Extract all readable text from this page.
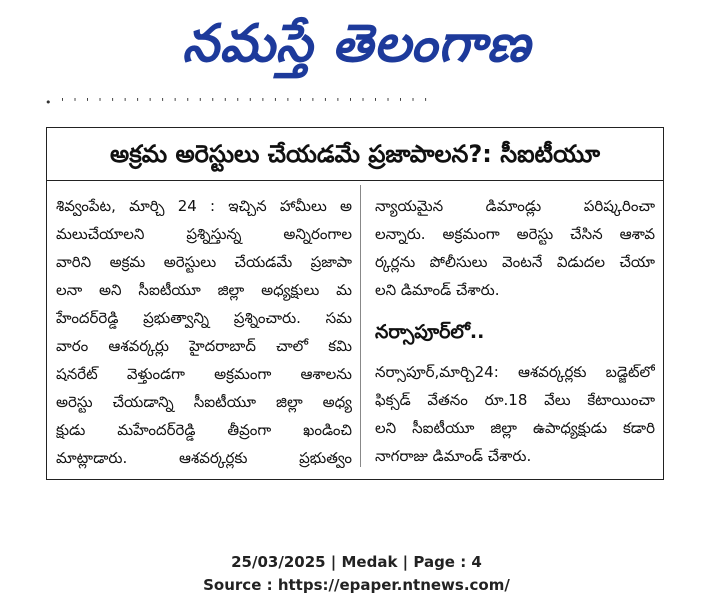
నమస్తే తెలంగాణ
• ' ' ' ' ' ' ' ' ' ' ' ' ' ' ' ' ' ' ' ' ' ' ' ' ' ' ' ' ' '
అక్రమ అరెస్టులు చేయడమే ప్రజాపాలన?: సీఐటీయూ
శివ్వంపేట, మార్చి 24 : ఇచ్చిన హామీలు అ
మలుచేయాలని ప్రశ్నిస్తున్న అన్నిరంగాల
వారిని అక్రమ అరెస్టులు చేయడమే ప్రజాపా
లనా అని సీఐటీయూ జిల్లా అధ్యక్షులు మ
హేందర్‌రెడ్డి ప్రభుత్వాన్ని ప్రశ్నించారు. సమ
వారం ఆశవర్కర్లు హైదరాబాద్ చాలో కమి
షనరేట్ వెళ్తుండగా అక్రమంగా ఆశాలను
అరెస్టు చేయడాన్ని సీఐటీయూ జిల్లా అధ్య
క్షుడు మహేందర్‌రెడ్డి తీవ్రంగా ఖండించి
మాట్లాడారు. ఆశవర్కర్లకు ప్రభుత్వం
న్యాయమైన డిమాండ్లు పరిష్కరించా
లన్నారు. అక్రమంగా అరెస్టు చేసిన ఆశావ
ర్కర్లను పోలీసులు వెంటనే విడుదల చేయా
లని డిమాండ్ చేశారు.
నర్సాపూర్‌లో..
నర్సాపూర్,మార్చి24: ఆశవర్కర్లకు బడ్జెట్‌లో
ఫిక్సడ్ వేతనం రూ.18 వేలు కేటాయించా
లని సీఐటీయూ జిల్లా ఉపాధ్యక్షుడు కడారి
నాగరాజు డిమాండ్ చేశారు.
25/03/2025 | Medak | Page : 4
Source : https://epaper.ntnews.com/
